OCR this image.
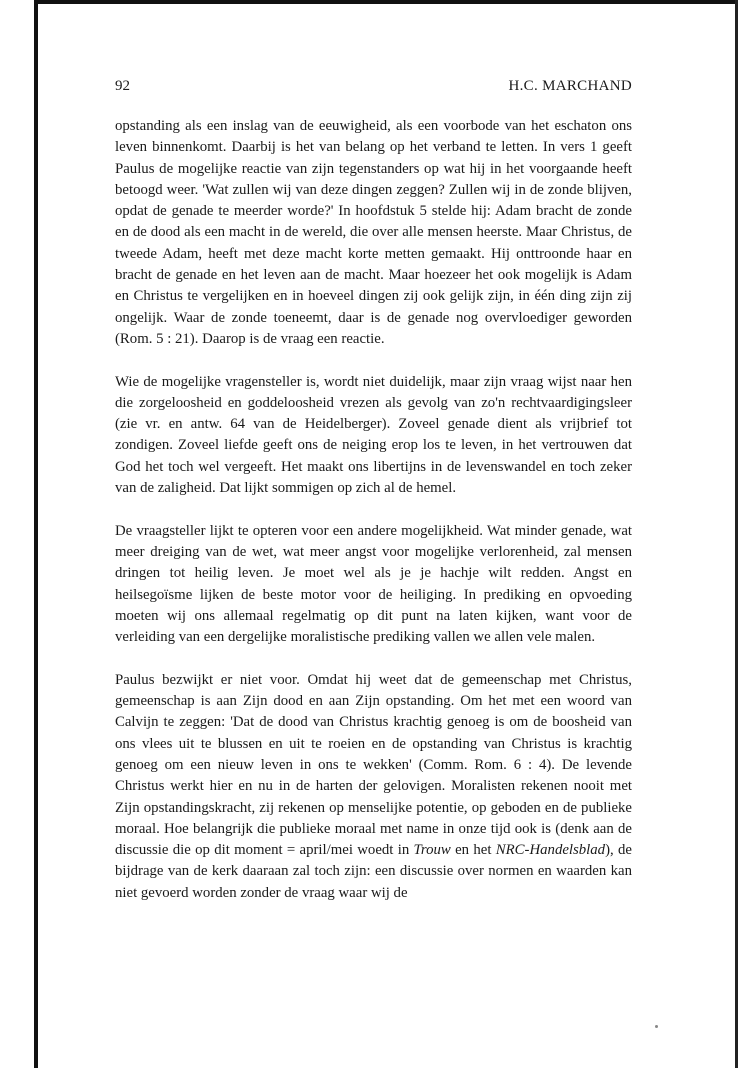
92	H.C. MARCHAND

opstanding als een inslag van de eeuwigheid, als een voorbode van het eschaton ons leven binnenkomt. Daarbij is het van belang op het verband te letten. In vers 1 geeft Paulus de mogelijke reactie van zijn tegenstanders op wat hij in het voorgaande heeft betoogd weer. 'Wat zullen wij van deze dingen zeggen? Zullen wij in de zonde blijven, opdat de genade te meerder worde?' In hoofdstuk 5 stelde hij: Adam bracht de zonde en de dood als een macht in de wereld, die over alle mensen heerste. Maar Christus, de tweede Adam, heeft met deze macht korte metten gemaakt. Hij onttroonde haar en bracht de genade en het leven aan de macht. Maar hoezeer het ook mogelijk is Adam en Christus te vergelijken en in hoeveel dingen zij ook gelijk zijn, in één ding zijn zij ongelijk. Waar de zonde toeneemt, daar is de genade nog overvloediger geworden (Rom. 5 : 21). Daarop is de vraag een reactie.

Wie de mogelijke vragensteller is, wordt niet duidelijk, maar zijn vraag wijst naar hen die zorgeloosheid en goddeloosheid vrezen als gevolg van zo'n rechtvaardigingsleer (zie vr. en antw. 64 van de Heidelberger). Zoveel genade dient als vrijbrief tot zondigen. Zoveel liefde geeft ons de neiging erop los te leven, in het vertrouwen dat God het toch wel vergeeft. Het maakt ons libertijns in de levenswandel en toch zeker van de zaligheid. Dat lijkt sommigen op zich al de hemel.

De vraagsteller lijkt te opteren voor een andere mogelijkheid. Wat minder genade, wat meer dreiging van de wet, wat meer angst voor mogelijke verlorenheid, zal mensen dringen tot heilig leven. Je moet wel als je je hachje wilt redden. Angst en heilsegoïsme lijken de beste motor voor de heiliging. In prediking en opvoeding moeten wij ons allemaal regelmatig op dit punt na laten kijken, want voor de verleiding van een dergelijke moralistische prediking vallen we allen vele malen.

Paulus bezwijkt er niet voor. Omdat hij weet dat de gemeenschap met Christus, gemeenschap is aan Zijn dood en aan Zijn opstanding. Om het met een woord van Calvijn te zeggen: 'Dat de dood van Christus krachtig genoeg is om de boosheid van ons vlees uit te blussen en uit te roeien en de opstanding van Christus is krachtig genoeg om een nieuw leven in ons te wekken' (Comm. Rom. 6 : 4). De levende Christus werkt hier en nu in de harten der gelovigen. Moralisten rekenen nooit met Zijn opstandingskracht, zij rekenen op menselijke potentie, op geboden en de publieke moraal. Hoe belangrijk die publieke moraal met name in onze tijd ook is (denk aan de discussie die op dit moment = april/mei woedt in Trouw en het NRC-Handelsblad), de bijdrage van de kerk daaraan zal toch zijn: een discussie over normen en waarden kan niet gevoerd worden zonder de vraag waar wij de
